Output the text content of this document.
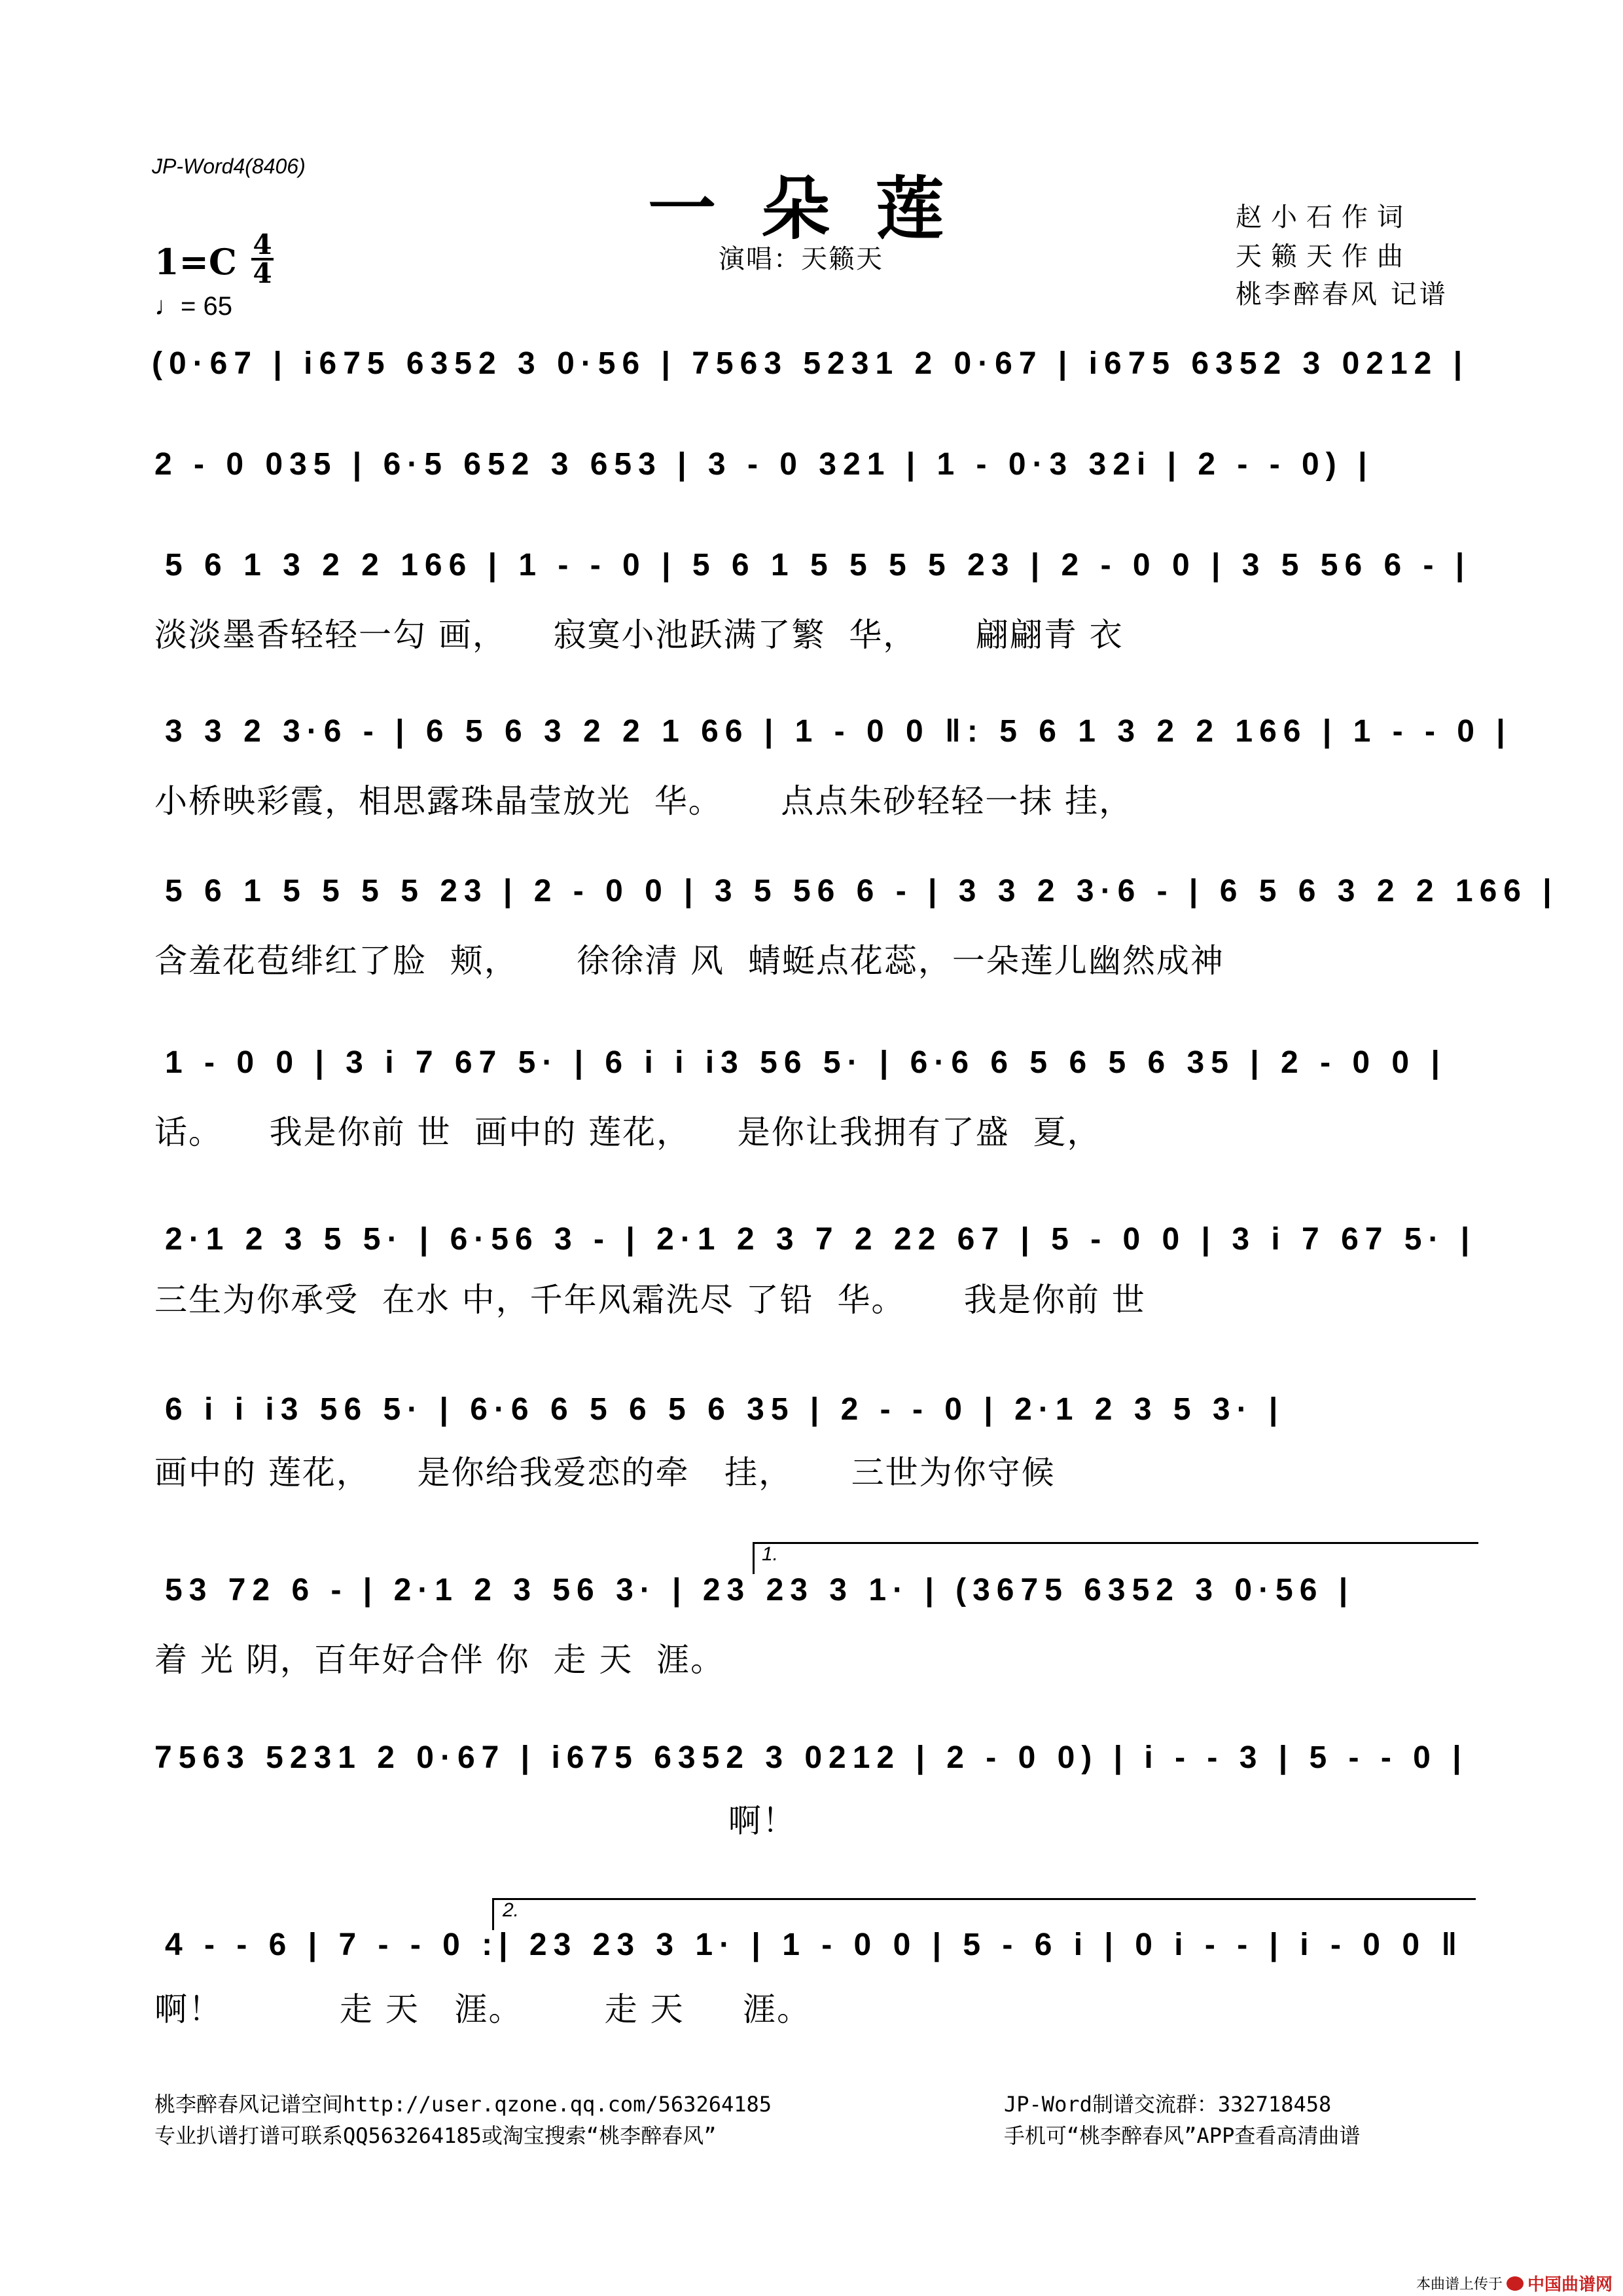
JP-Word4(8406)
一朵莲
演唱：天籁天
赵小石作词
天籁天作曲
桃李醉春风 记谱
1=C 4
4
♩= 65
(0·67 | i675 6352 3 0·56 | 7563 5231 2 0·67 | i675 6352 3 0212 |
2 - 0 035 | 6·5 652 3 653 | 3 - 0 321 | 1 - 0·3 32i | 2 - - 0) |
5 6 1 3 2 2 166 | 1 - - 0 | 5 6 1 5 5 5 5 23 | 2 - 0 0 | 3 5 56 6 - |
淡淡墨香轻轻一勾 画，    寂寞小池跃满了繁  华，     翩翩青 衣
3 3 2 3·6 - | 6 5 6 3 2 2 1 66 | 1 - 0 0 ‖: 5 6 1 3 2 2 166 | 1 - - 0 |
小桥映彩霞，相思露珠晶莹放光  华。     点点朱砂轻轻一抹 挂，
5 6 1 5 5 5 5 23 | 2 - 0 0 | 3 5 56 6 - | 3 3 2 3·6 - | 6 5 6 3 2 2 166 |
含羞花苞绯红了脸  颊，     徐徐清 风  蜻蜓点花蕊，一朵莲儿幽然成神
1 - 0 0 | 3 i 7 67 5· | 6 i i i3 56 5· | 6·6 6 5 6 5 6 35 | 2 - 0 0 |
话。    我是你前 世  画中的 莲花，    是你让我拥有了盛  夏，
2·1 2 3 5 5· | 6·56 3 - | 2·1 2 3 7 2 22 67 | 5 - 0 0 | 3 i 7 67 5· |
三生为你承受  在水 中，千年风霜洗尽 了铅  华。     我是你前 世
6 i i i3 56 5· | 6·6 6 5 6 5 6 35 | 2 - - 0 | 2·1 2 3 5 3· |
画中的 莲花，    是你给我爱恋的牵   挂，     三世为你守候
1.
53 72 6 - | 2·1 2 3 56 3· | 23 23 3 1· | (3675 6352 3 0·56 |
着 光 阴，百年好合伴 你  走 天  涯。
7563 5231 2 0·67 | i675 6352 3 0212 | 2 - 0 0) | i - - 3 | 5 - - 0 |
啊！
2.
4 - - 6 | 7 - - 0 :| 23 23 3 1· | 1 - 0 0 | 5 - 6 i | 0 i - - | i - 0 0 ‖
啊！          走 天   涯。       走 天     涯。
桃李醉春风记谱空间http://user.qzone.qq.com/563264185
专业扒谱打谱可联系QQ563264185或淘宝搜索“桃李醉春风”
JP-Word制谱交流群：332718458
手机可“桃李醉春风”APP查看高清曲谱
本曲谱上传于 中国曲谱网
